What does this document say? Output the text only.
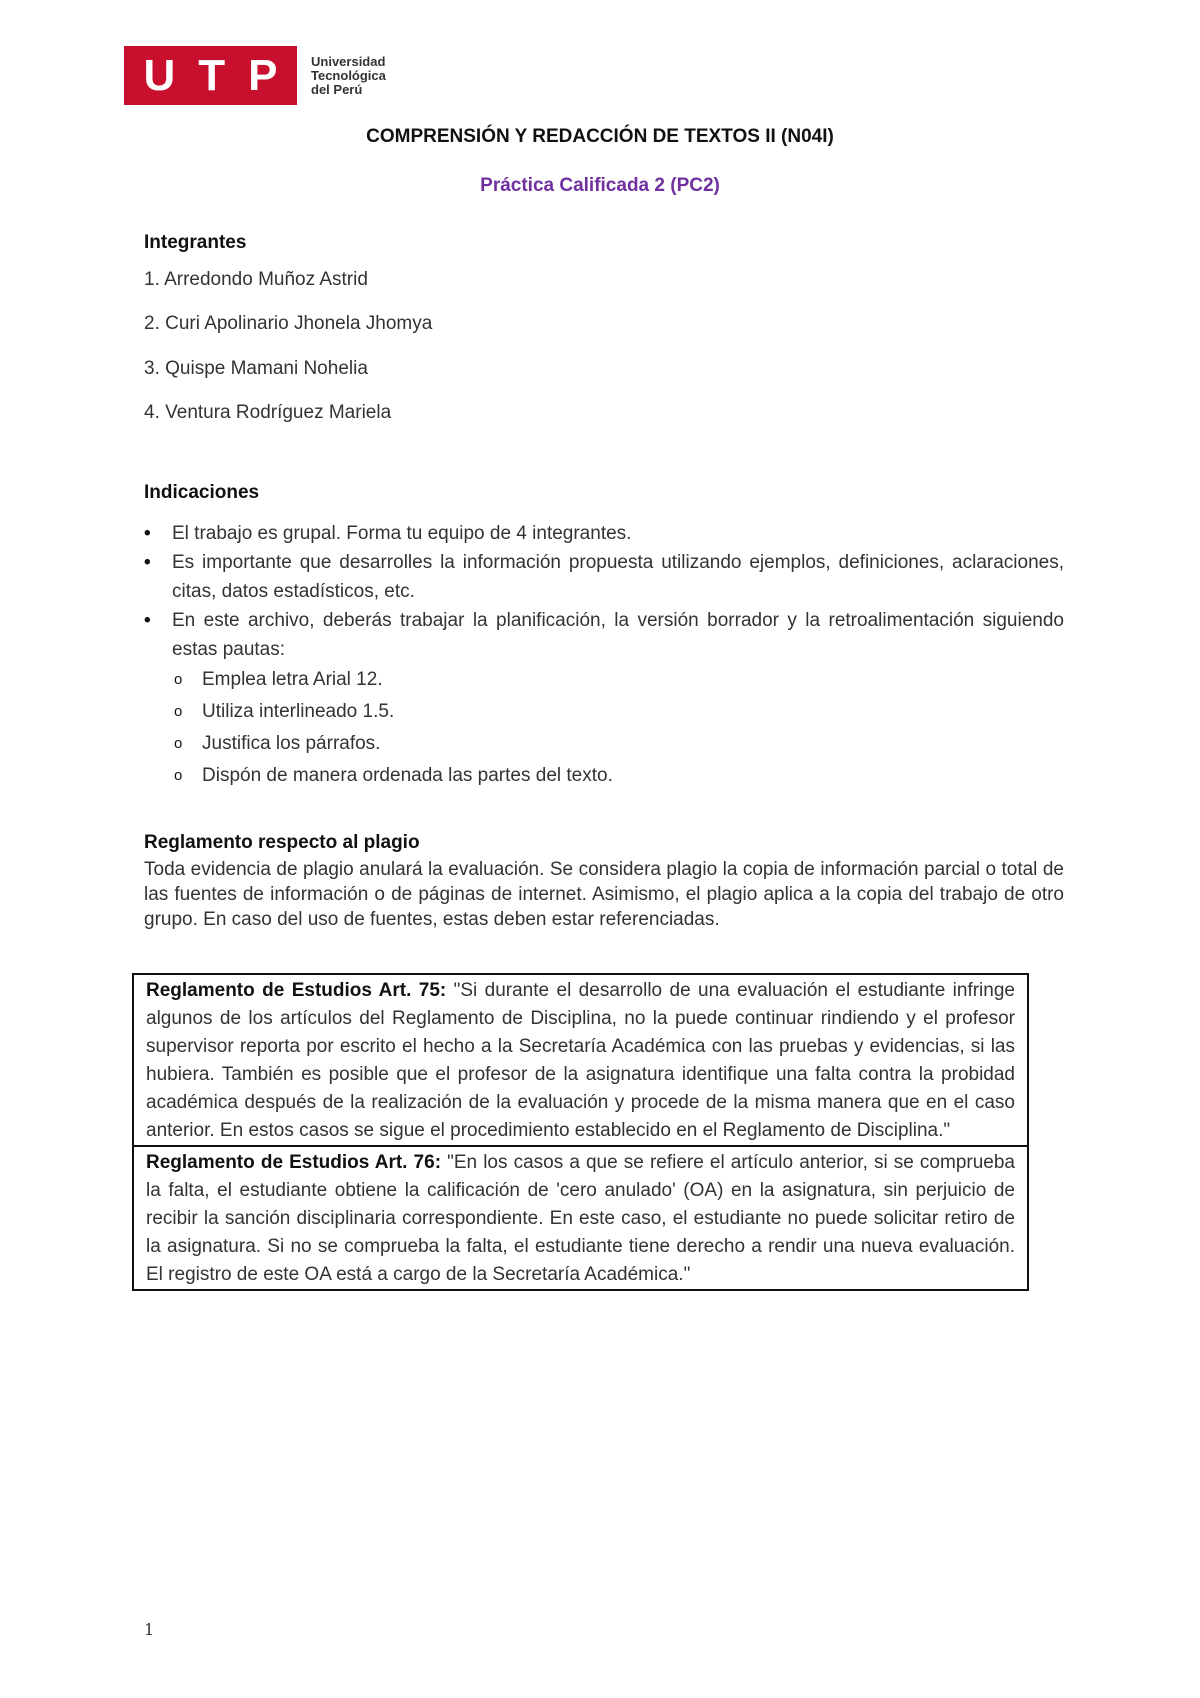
U T P	Universidad
Tecnológica
del Perú
COMPRENSIÓN Y REDACCIÓN DE TEXTOS II (N04I)
Práctica Calificada 2 (PC2)
Integrantes
1. Arredondo Muñoz Astrid
2. Curi Apolinario Jhonela Jhomya
3. Quispe Mamani Nohelia
4. Ventura Rodríguez Mariela
Indicaciones
• El trabajo es grupal. Forma tu equipo de 4 integrantes.
• Es importante que desarrolles la información propuesta utilizando ejemplos, definiciones, aclaraciones, citas, datos estadísticos, etc.
• En este archivo, deberás trabajar la planificación, la versión borrador y la retroalimentación siguiendo estas pautas:
o Emplea letra Arial 12.
o Utiliza interlineado 1.5.
o Justifica los párrafos.
o Dispón de manera ordenada las partes del texto.
Reglamento respecto al plagio
Toda evidencia de plagio anulará la evaluación. Se considera plagio la copia de información parcial o total de las fuentes de información o de páginas de internet. Asimismo, el plagio aplica a la copia del trabajo de otro grupo. En caso del uso de fuentes, estas deben estar referenciadas.
Reglamento de Estudios Art. 75: "Si durante el desarrollo de una evaluación el estudiante infringe algunos de los artículos del Reglamento de Disciplina, no la puede continuar rindiendo y el profesor supervisor reporta por escrito el hecho a la Secretaría Académica con las pruebas y evidencias, si las hubiera. También es posible que el profesor de la asignatura identifique una falta contra la probidad académica después de la realización de la evaluación y procede de la misma manera que en el caso anterior. En estos casos se sigue el procedimiento establecido en el Reglamento de Disciplina."
Reglamento de Estudios Art. 76: "En los casos a que se refiere el artículo anterior, si se comprueba la falta, el estudiante obtiene la calificación de 'cero anulado' (OA) en la asignatura, sin perjuicio de recibir la sanción disciplinaria correspondiente. En este caso, el estudiante no puede solicitar retiro de la asignatura. Si no se comprueba la falta, el estudiante tiene derecho a rendir una nueva evaluación. El registro de este OA está a cargo de la Secretaría Académica."
1
